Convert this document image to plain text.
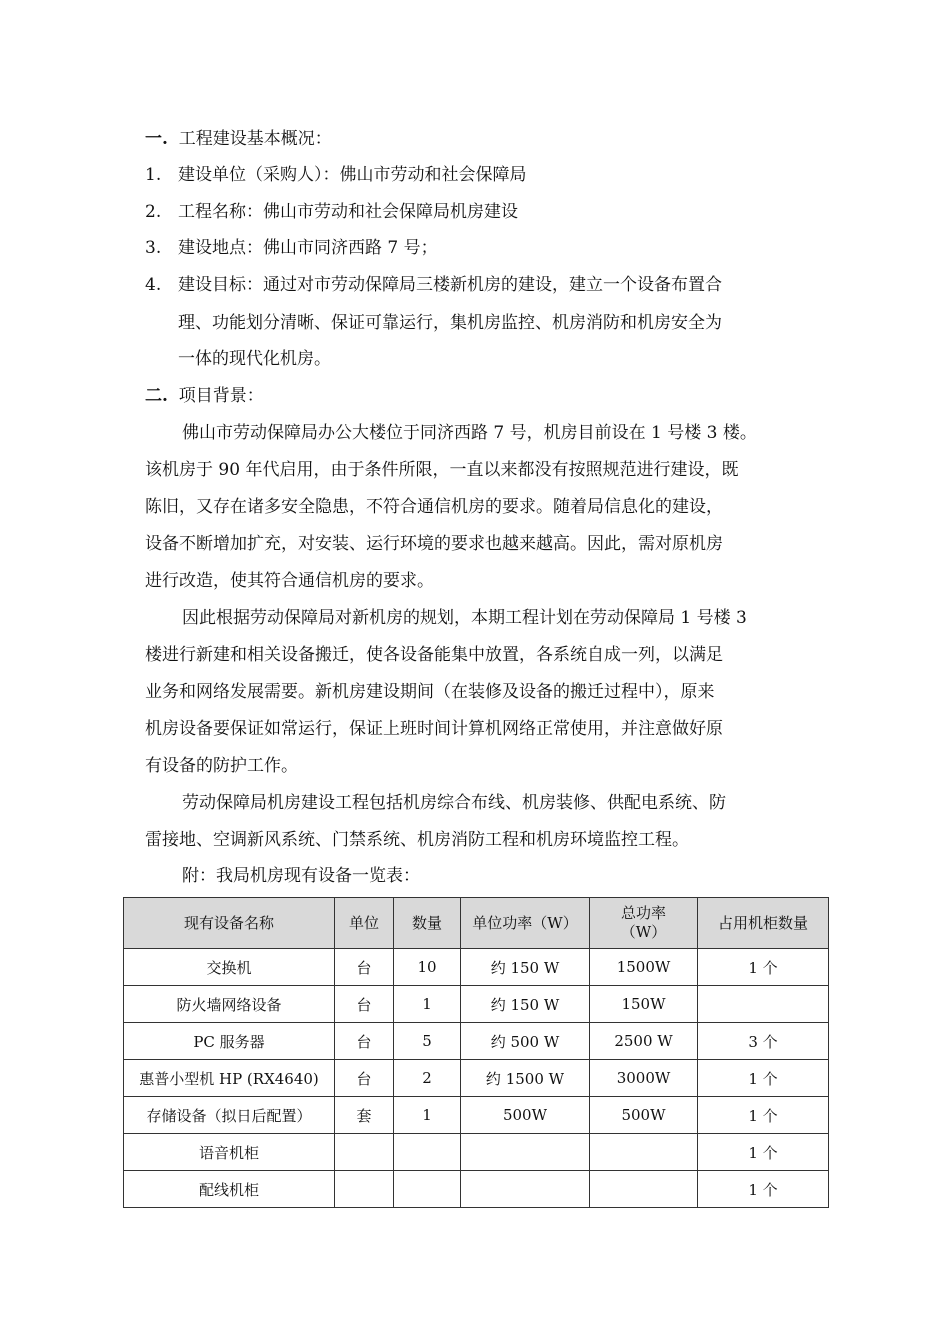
一. 工程建设基本概况：
1. 建设单位（采购人）：佛山市劳动和社会保障局
2. 工程名称：佛山市劳动和社会保障局机房建设
3. 建设地点：佛山市同济西路 7 号；
4. 建设目标：通过对市劳动保障局三楼新机房的建设，建立一个设备布置合
理、功能划分清晰、保证可靠运行，集机房监控、机房消防和机房安全为
一体的现代化机房。
二. 项目背景：
佛山市劳动保障局办公大楼位于同济西路 7 号，机房目前设在 1 号楼 3 楼。
该机房于 90 年代启用，由于条件所限，一直以来都没有按照规范进行建设，既
陈旧，又存在诸多安全隐患，不符合通信机房的要求。随着局信息化的建设，
设备不断增加扩充，对安装、运行环境的要求也越来越高。因此，需对原机房
进行改造，使其符合通信机房的要求。
因此根据劳动保障局对新机房的规划，本期工程计划在劳动保障局 1 号楼 3
楼进行新建和相关设备搬迁，使各设备能集中放置，各系统自成一列，以满足
业务和网络发展需要。新机房建设期间（在装修及设备的搬迁过程中），原来
机房设备要保证如常运行，保证上班时间计算机网络正常使用，并注意做好原
有设备的防护工作。
劳动保障局机房建设工程包括机房综合布线、机房装修、供配电系统、防
雷接地、空调新风系统、门禁系统、机房消防工程和机房环境监控工程。
附：我局机房现有设备一览表：
现有设备名称	单位	数量	单位功率（W）	总功率
（W）	占用机柜数量
交换机	台	10	约 150 W	1500W	1 个
防火墙网络设备	台	1	约 150 W	150W	
PC 服务器	台	5	约 500 W	2500 W	3 个
惠普小型机 HP (RX4640)	台	2	约 1500 W	3000W	1 个
存储设备（拟日后配置）	套	1	500W	500W	1 个
语音机柜					1 个
配线机柜					1 个
